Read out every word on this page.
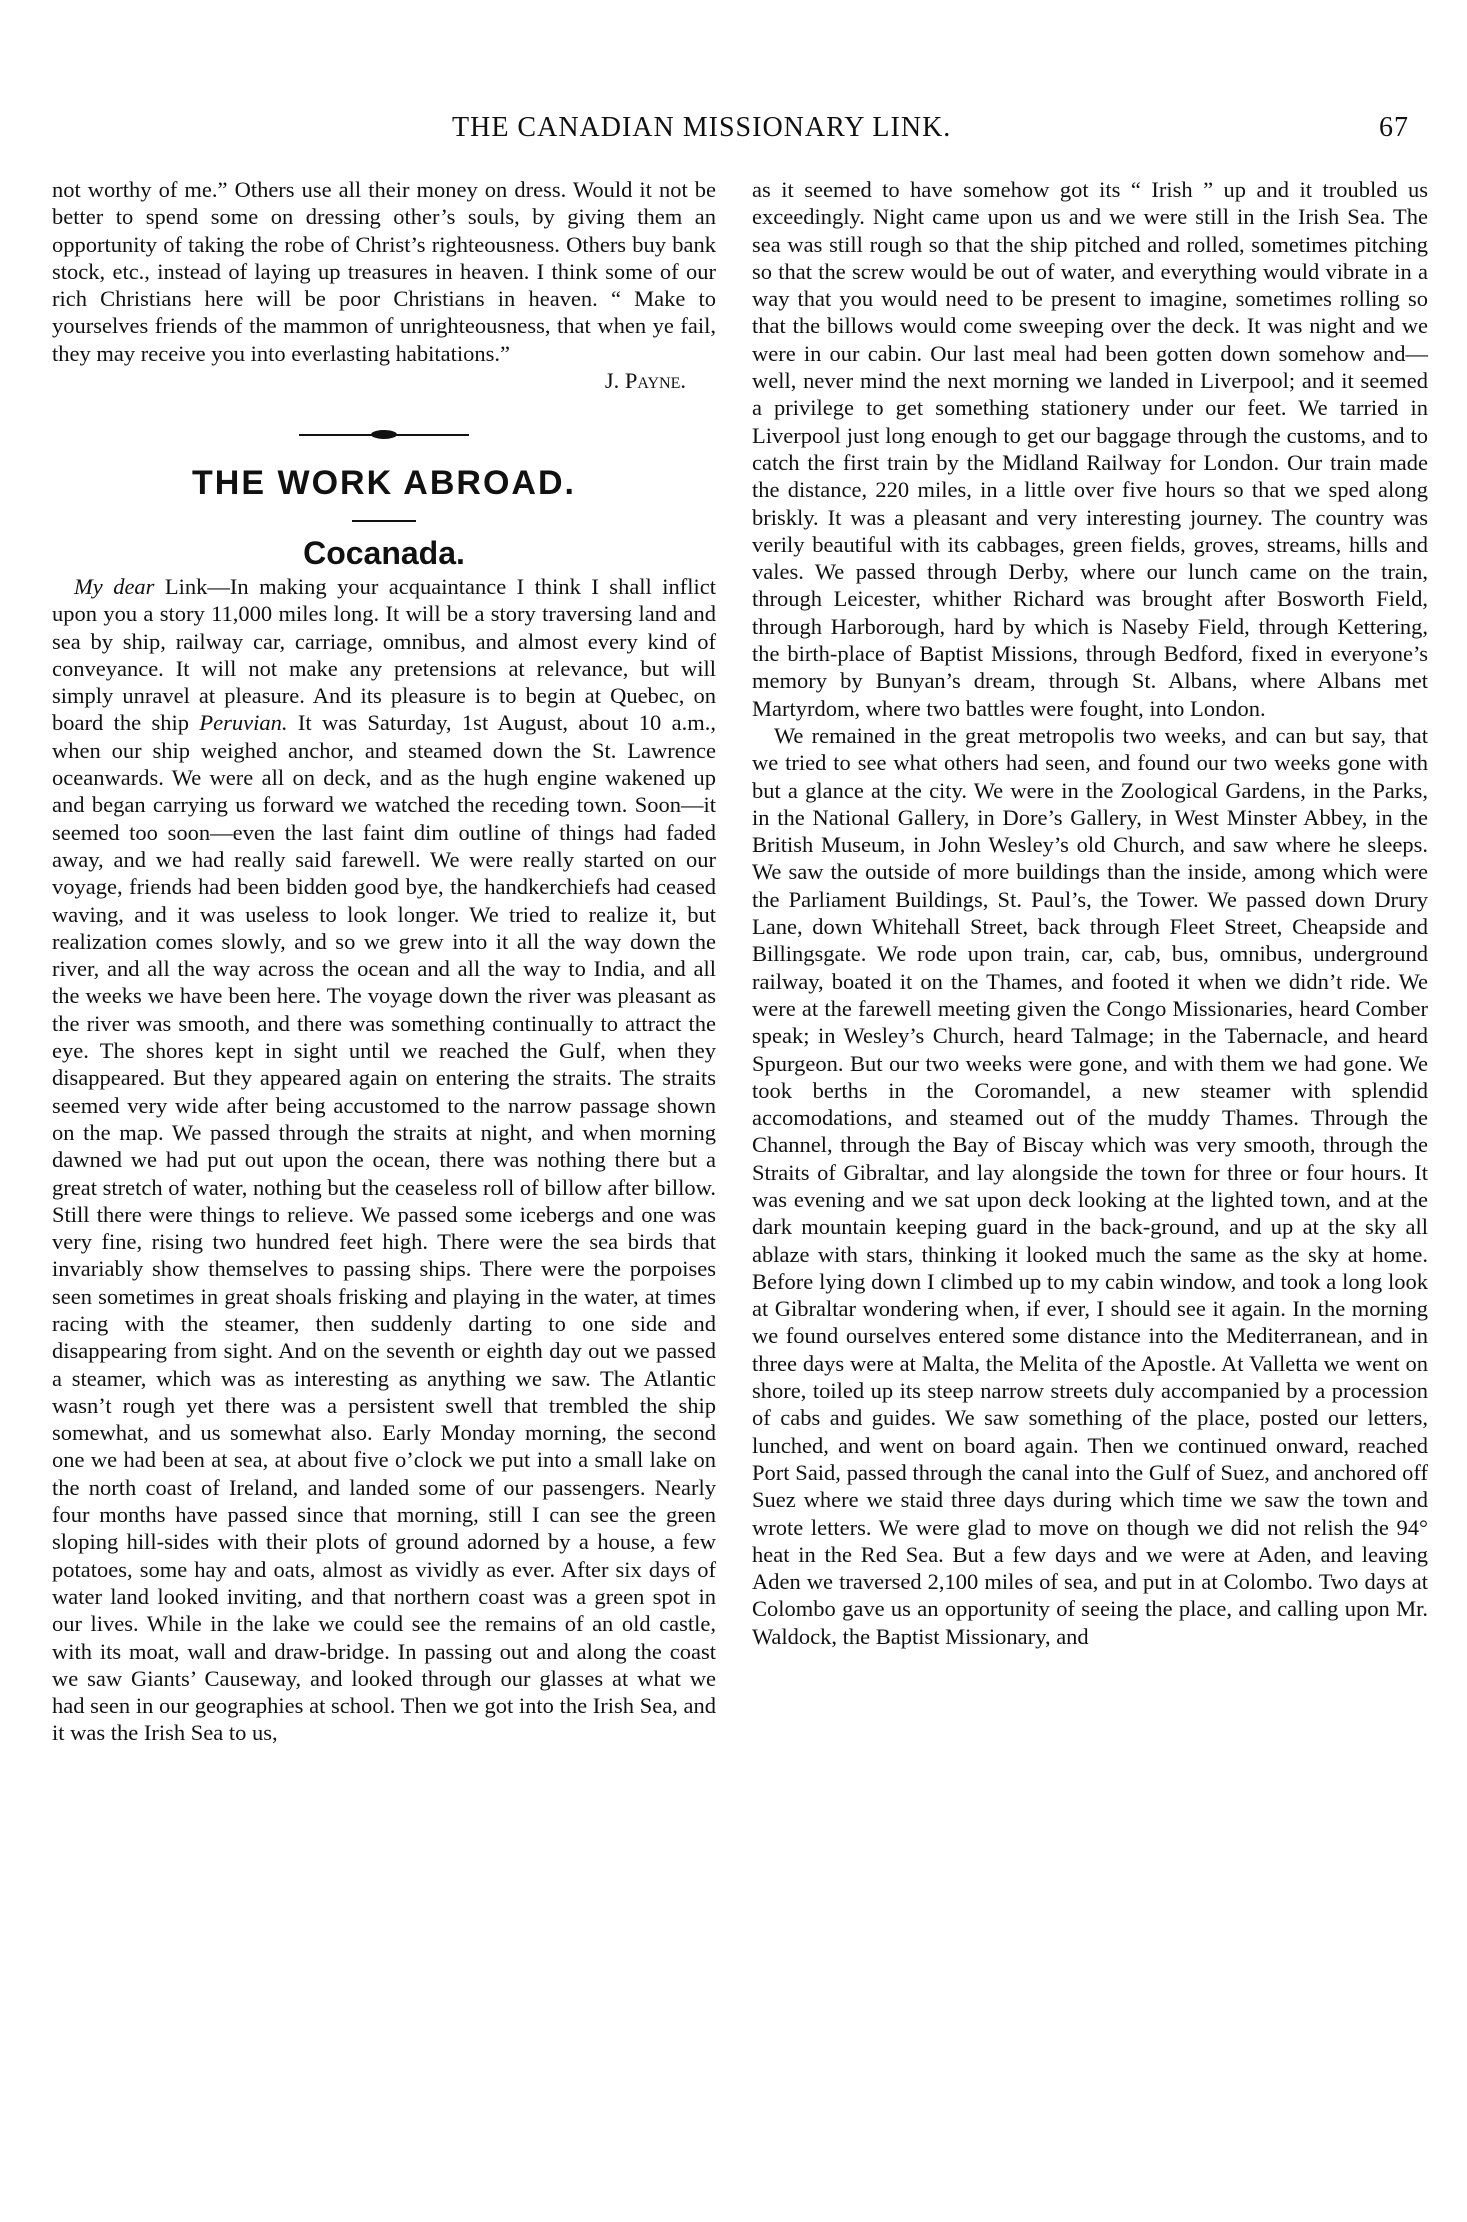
THE CANADIAN MISSIONARY LINK.	67

not worthy of me.” Others use all their money on dress. Would it not be better to spend some on dressing other’s souls, by giving them an opportunity of taking the robe of Christ’s righteousness. Others buy bank stock, etc., instead of laying up treasures in heaven. I think some of our rich Christians here will be poor Christians in heaven. “ Make to yourselves friends of the mammon of unrighteousness, that when ye fail, they may receive you into everlasting habitations.”

J. Payne.

THE WORK ABROAD.
Cocanada.

My dear Link—In making your acquaintance I think I shall inflict upon you a story 11,000 miles long. It will be a story traversing land and sea by ship, railway car, carriage, omnibus, and almost every kind of conveyance. It will not make any pretensions at relevance, but will simply unravel at pleasure. And its pleasure is to begin at Quebec, on board the ship Peruvian. It was Saturday, 1st August, about 10 a.m., when our ship weighed anchor, and steamed down the St. Lawrence oceanwards. We were all on deck, and as the hugh engine wakened up and began carrying us forward we watched the receding town. Soon—it seemed too soon—even the last faint dim outline of things had faded away, and we had really said farewell. We were really started on our voyage, friends had been bidden good bye, the handkerchiefs had ceased waving, and it was useless to look longer. We tried to realize it, but realization comes slowly, and so we grew into it all the way down the river, and all the way across the ocean and all the way to India, and all the weeks we have been here. The voyage down the river was pleasant as the river was smooth, and there was something continually to attract the eye. The shores kept in sight until we reached the Gulf, when they disappeared. But they appeared again on entering the straits. The straits seemed very wide after being accustomed to the narrow passage shown on the map. We passed through the straits at night, and when morning dawned we had put out upon the ocean, there was nothing there but a great stretch of water, nothing but the ceaseless roll of billow after billow. Still there were things to relieve. We passed some icebergs and one was very fine, rising two hundred feet high. There were the sea birds that invariably show themselves to passing ships. There were the porpoises seen sometimes in great shoals frisking and playing in the water, at times racing with the steamer, then suddenly darting to one side and disappearing from sight. And on the seventh or eighth day out we passed a steamer, which was as interesting as anything we saw. The Atlantic wasn’t rough yet there was a persistent swell that trembled the ship somewhat, and us somewhat also. Early Monday morning, the second one we had been at sea, at about five o’clock we put into a small lake on the north coast of Ireland, and landed some of our passengers. Nearly four months have passed since that morning, still I can see the green sloping hill-sides with their plots of ground adorned by a house, a few potatoes, some hay and oats, almost as vividly as ever. After six days of water land looked inviting, and that northern coast was a green spot in our lives. While in the lake we could see the remains of an old castle, with its moat, wall and draw-bridge. In passing out and along the coast we saw Giants’ Causeway, and looked through our glasses at what we had seen in our geographies at school. Then we got into the Irish Sea, and it was the Irish Sea to us,

as it seemed to have somehow got its “ Irish ” up and it troubled us exceedingly. Night came upon us and we were still in the Irish Sea. The sea was still rough so that the ship pitched and rolled, sometimes pitching so that the screw would be out of water, and everything would vibrate in a way that you would need to be present to imagine, sometimes rolling so that the billows would come sweeping over the deck. It was night and we were in our cabin. Our last meal had been gotten down somehow and—well, never mind the next morning we landed in Liverpool; and it seemed a privilege to get something stationery under our feet. We tarried in Liverpool just long enough to get our baggage through the customs, and to catch the first train by the Midland Railway for London. Our train made the distance, 220 miles, in a little over five hours so that we sped along briskly. It was a pleasant and very interesting journey. The country was verily beautiful with its cabbages, green fields, groves, streams, hills and vales. We passed through Derby, where our lunch came on the train, through Leicester, whither Richard was brought after Bosworth Field, through Harborough, hard by which is Naseby Field, through Kettering, the birth-place of Baptist Missions, through Bedford, fixed in everyone’s memory by Bunyan’s dream, through St. Albans, where Albans met Martyrdom, where two battles were fought, into London.

We remained in the great metropolis two weeks, and can but say, that we tried to see what others had seen, and found our two weeks gone with but a glance at the city. We were in the Zoological Gardens, in the Parks, in the National Gallery, in Dore’s Gallery, in West Minster Abbey, in the British Museum, in John Wesley’s old Church, and saw where he sleeps. We saw the outside of more buildings than the inside, among which were the Parliament Buildings, St. Paul’s, the Tower. We passed down Drury Lane, down Whitehall Street, back through Fleet Street, Cheapside and Billingsgate. We rode upon train, car, cab, bus, omnibus, underground railway, boated it on the Thames, and footed it when we didn’t ride. We were at the farewell meeting given the Congo Missionaries, heard Comber speak; in Wesley’s Church, heard Talmage; in the Tabernacle, and heard Spurgeon. But our two weeks were gone, and with them we had gone. We took berths in the Coromandel, a new steamer with splendid accomodations, and steamed out of the muddy Thames. Through the Channel, through the Bay of Biscay which was very smooth, through the Straits of Gibraltar, and lay alongside the town for three or four hours. It was evening and we sat upon deck looking at the lighted town, and at the dark mountain keeping guard in the back-ground, and up at the sky all ablaze with stars, thinking it looked much the same as the sky at home. Before lying down I climbed up to my cabin window, and took a long look at Gibraltar wondering when, if ever, I should see it again. In the morning we found ourselves entered some distance into the Mediterranean, and in three days were at Malta, the Melita of the Apostle. At Valletta we went on shore, toiled up its steep narrow streets duly accompanied by a procession of cabs and guides. We saw something of the place, posted our letters, lunched, and went on board again. Then we continued onward, reached Port Said, passed through the canal into the Gulf of Suez, and anchored off Suez where we staid three days during which time we saw the town and wrote letters. We were glad to move on though we did not relish the 94° heat in the Red Sea. But a few days and we were at Aden, and leaving Aden we traversed 2,100 miles of sea, and put in at Colombo. Two days at Colombo gave us an opportunity of seeing the place, and calling upon Mr. Waldock, the Baptist Missionary, and
